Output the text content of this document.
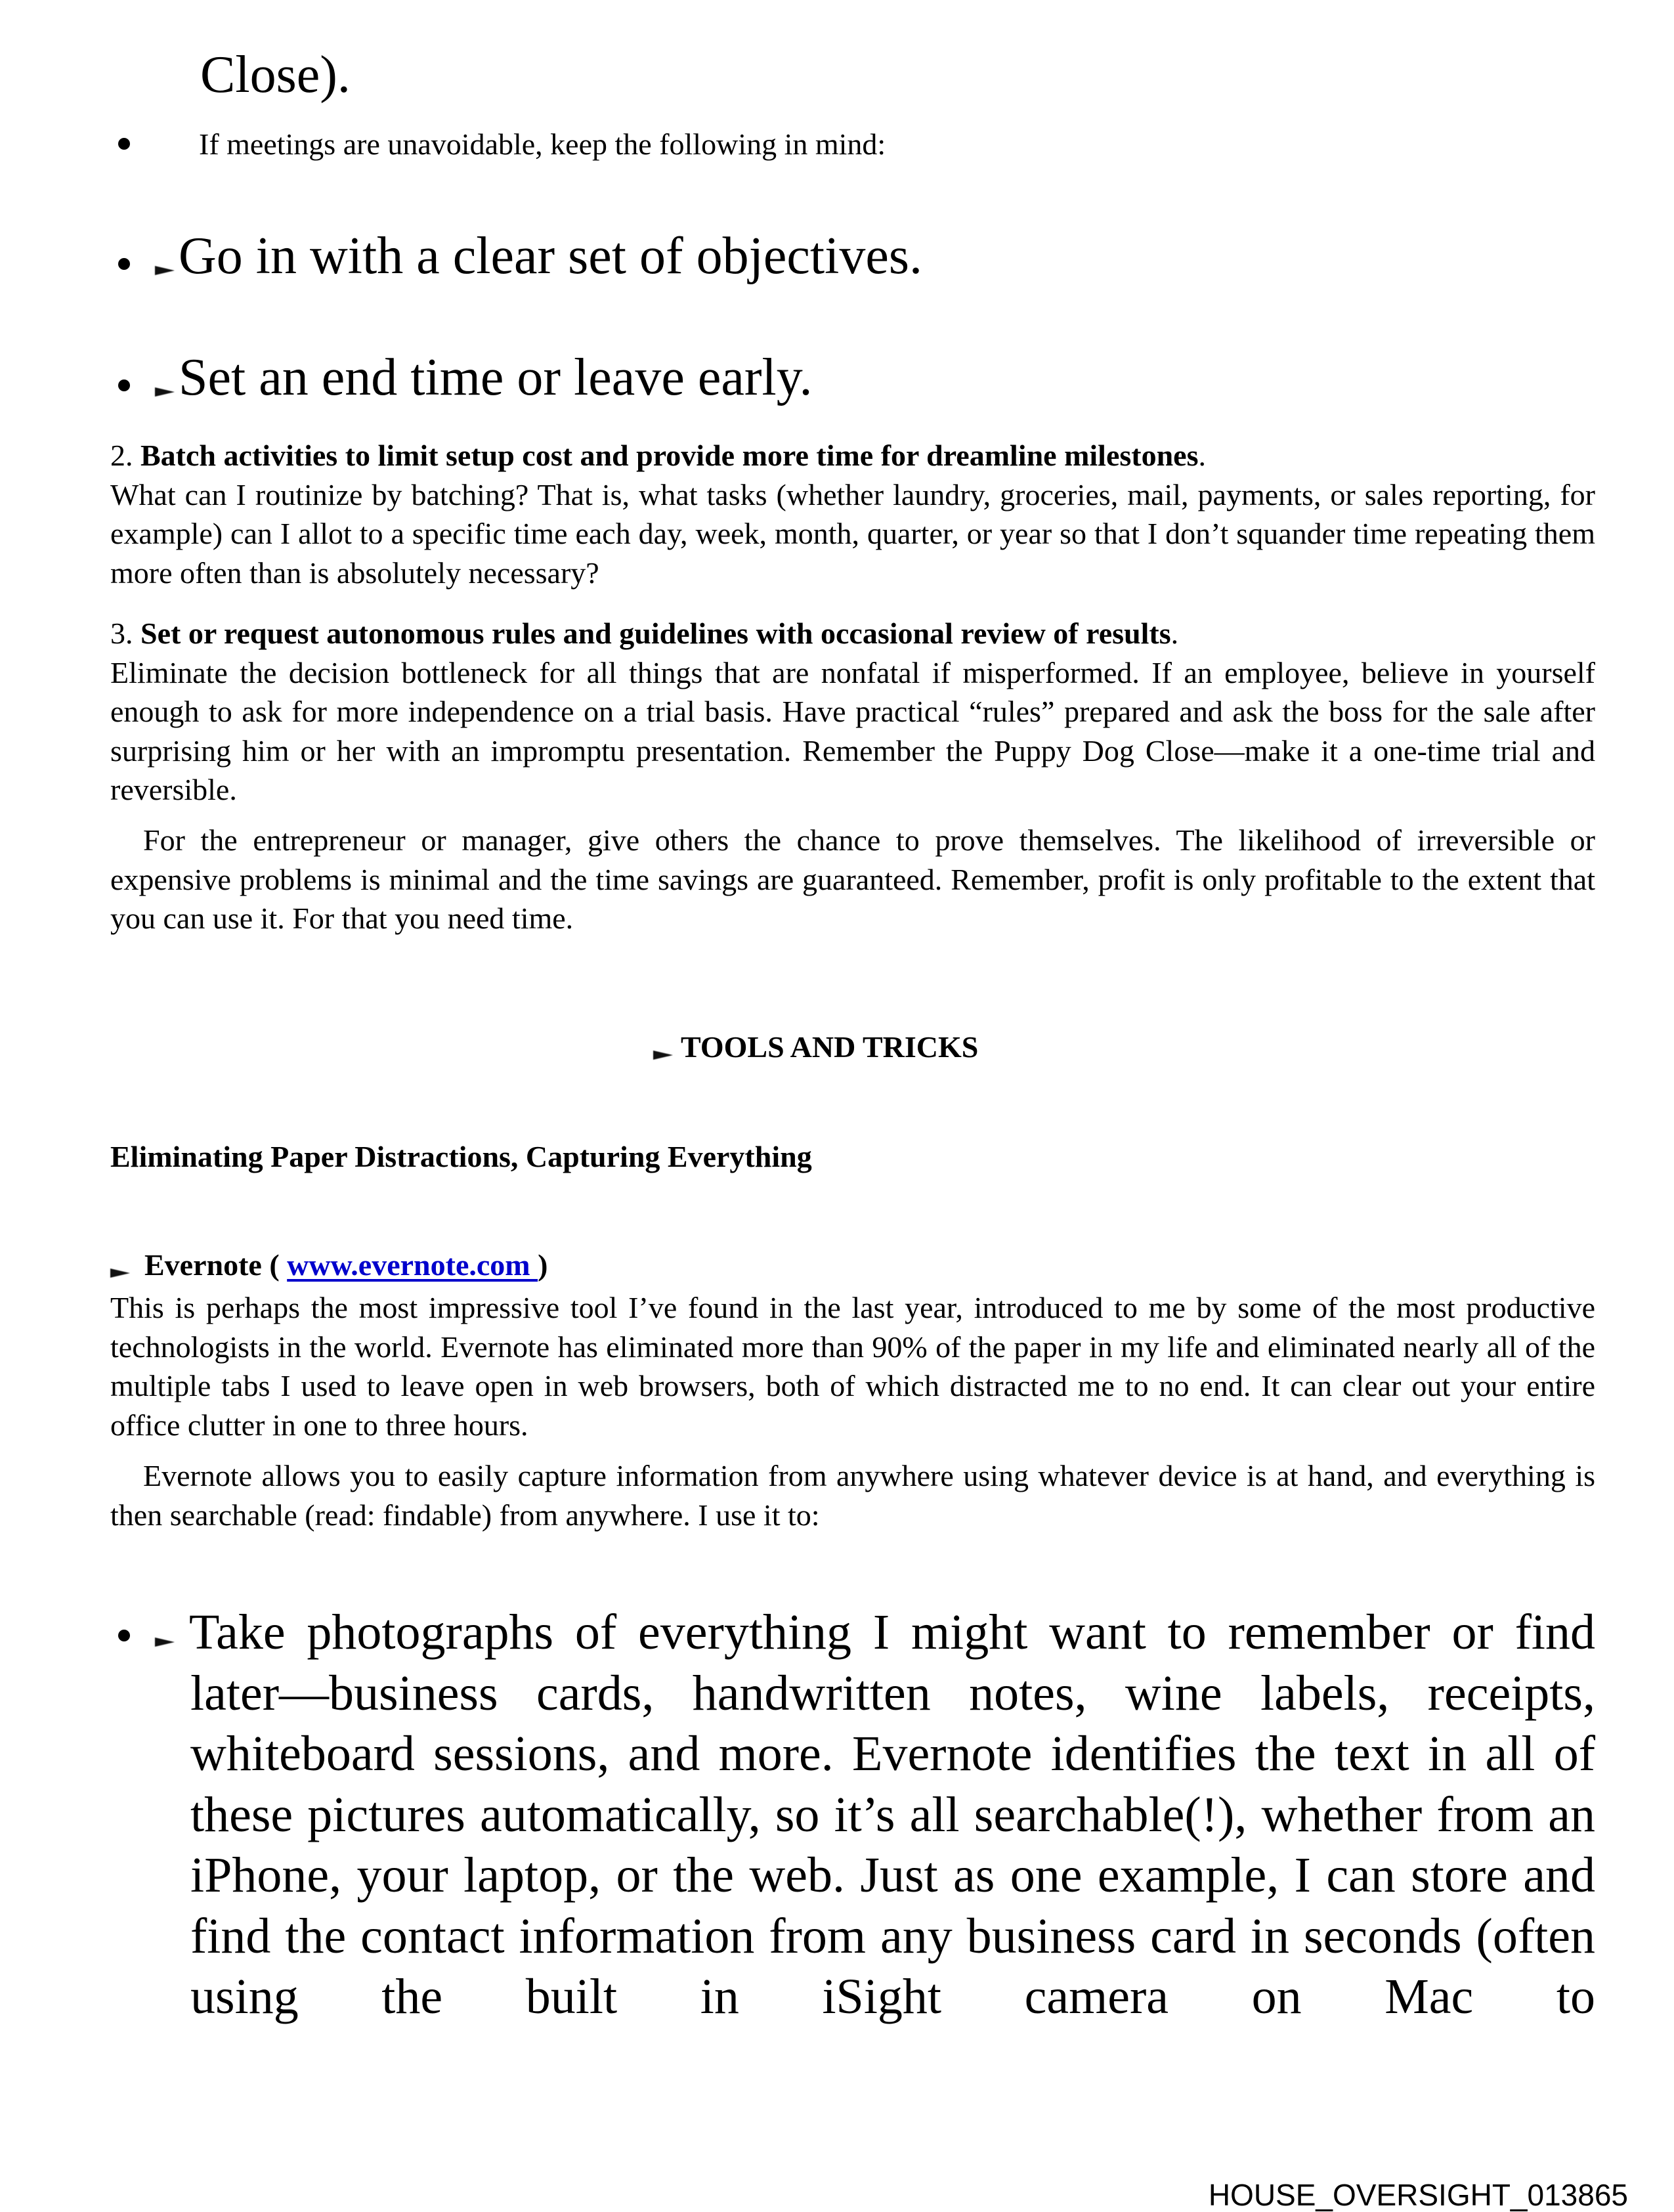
Close).
If meetings are unavoidable, keep the following in mind:
Go in with a clear set of objectives.
Set an end time or leave early.
2. Batch activities to limit setup cost and provide more time for dreamline milestones.
What can I routinize by batching? That is, what tasks (whether laundry, groceries, mail, payments, or sales reporting, for example) can I allot to a specific time each day, week, month, quarter, or year so that I don’t squander time repeating them more often than is absolutely necessary?
3. Set or request autonomous rules and guidelines with occasional review of results.
Eliminate the decision bottleneck for all things that are nonfatal if misperformed. If an employee, believe in yourself enough to ask for more independence on a trial basis. Have practical “rules” prepared and ask the boss for the sale after surprising him or her with an impromptu presentation. Remember the Puppy Dog Close—make it a one-time trial and reversible.
For the entrepreneur or manager, give others the chance to prove themselves. The likelihood of irreversible or expensive problems is minimal and the time savings are guaranteed. Remember, profit is only profitable to the extent that you can use it. For that you need time.
TOOLS AND TRICKS
Eliminating Paper Distractions, Capturing Everything
Evernote ( www.evernote.com )
This is perhaps the most impressive tool I’ve found in the last year, introduced to me by some of the most productive technologists in the world. Evernote has eliminated more than 90% of the paper in my life and eliminated nearly all of the multiple tabs I used to leave open in web browsers, both of which distracted me to no end. It can clear out your entire office clutter in one to three hours.
Evernote allows you to easily capture information from anywhere using whatever device is at hand, and everything is then searchable (read: findable) from anywhere. I use it to:
Take photographs of everything I might want to remember or find later—business cards, handwritten notes, wine labels, receipts, whiteboard sessions, and more. Evernote identifies the text in all of these pictures automatically, so it’s all searchable(!), whether from an iPhone, your laptop, or the web. Just as one example, I can store and find the contact information from any business card in seconds (often using the built in iSight camera on Mac to
HOUSE_OVERSIGHT_013865
